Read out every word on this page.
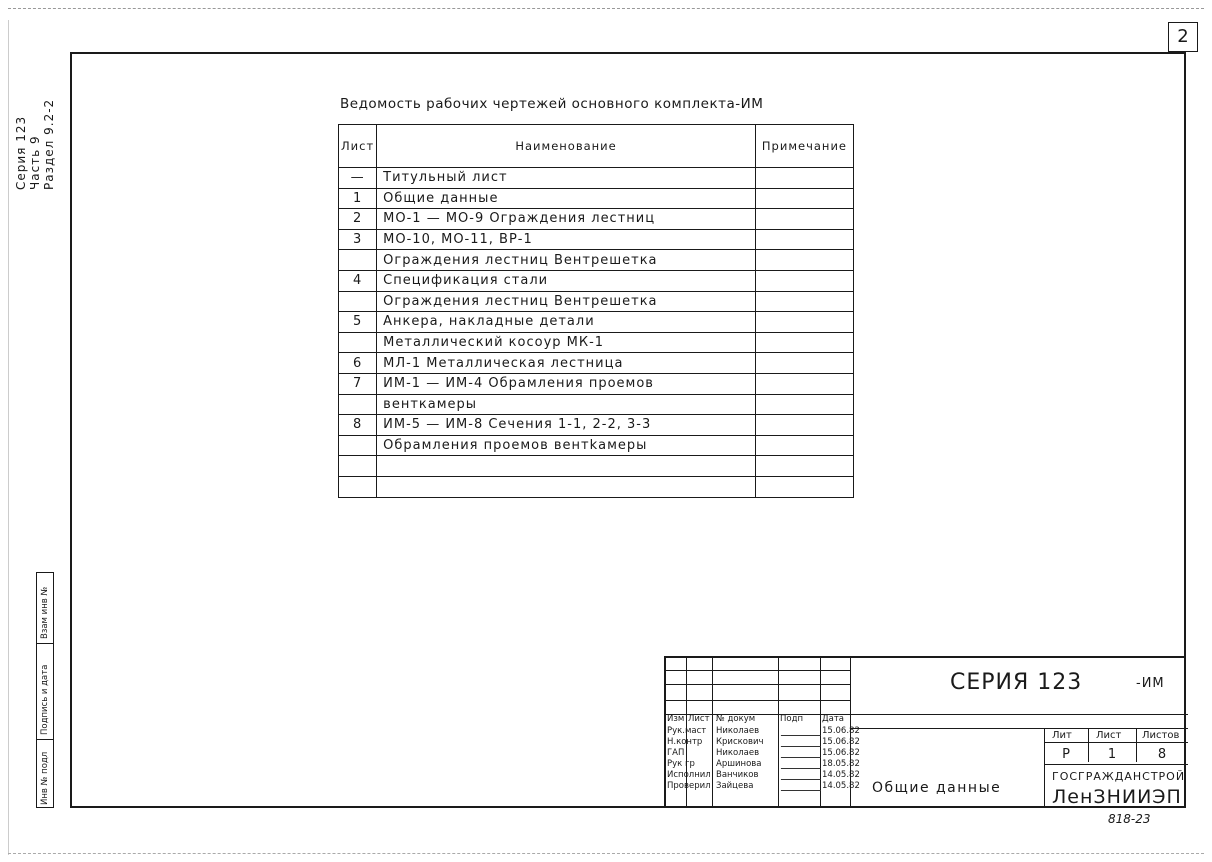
2
Серия 123 Часть 9 Раздел 9.2-2
Взам инв №
Подпись и дата
Инв № подл
Ведомость рабочих чертежей основного комплекта-ИМ
Лист	Наименование	Примечание
—	Титульный лист	
1	Общие данные	
2	МО-1 — МО-9 Ограждения лестниц	
3	МО-10, МО-11, ВР-1	
	Ограждения лестниц Вентрешетка	
4	Спецификация стали	
	Ограждения лестниц Вентрешетка	
5	Анкера, накладные детали	
	Металлический косоур МК-1	
6	МЛ-1 Металлическая лестница	
7	ИМ-1 — ИМ-4 Обрамления проемов	
	венткамеры	
8	ИМ-5 — ИМ-8 Сечения 1-1, 2-2, 3-3	
	Обрамления проемов вентkамеры	

СЕРИЯ 123	-ИМ
Изм Лист № докум	Подп	Дата
Рук.маст	Николаев	15.06.82
Н.контр	Крискович	15.06.82
ГАП	Николаев	15.06.82
Рук гр	Аршинова	18.05.82
Исполнил Ванчиков	14.05.82
Проверил Зайцева	14.05.82 Общие данные
Лит Лист Листов
Р	1	8
ГОСГРАЖДАНСТРОЙ
ЛенЗНИИЭП
818-23
